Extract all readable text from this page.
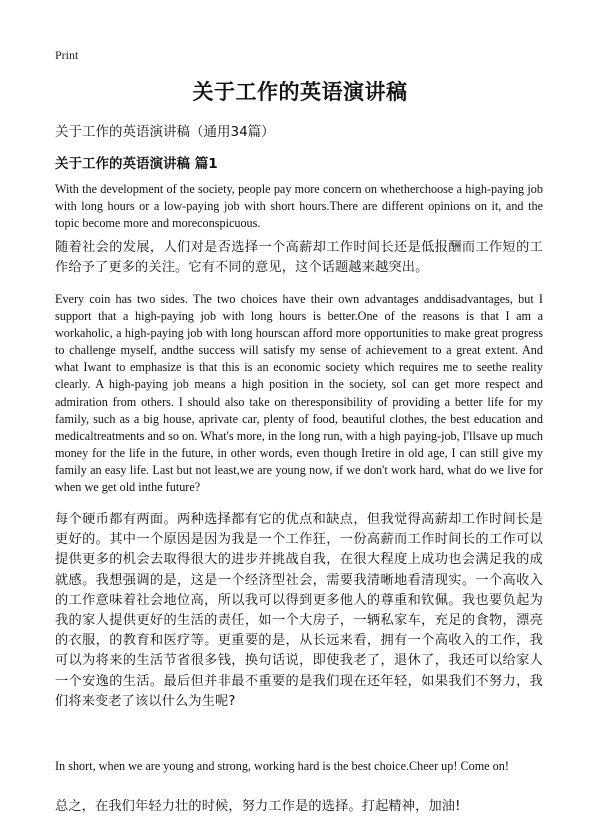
Print
关于工作的英语演讲稿
关于工作的英语演讲稿（通用34篇）
关于工作的英语演讲稿 篇1

With the development of the society, people pay more concern on whetherchoose a high-paying job with long hours or a low-paying job with short hours.There are different opinions on it, and the topic become more and moreconspicuous.

随着社会的发展，人们对是否选择一个高薪却工作时间长还是低报酬而工作短的工作给予了更多的关注。它有不同的意见，这个话题越来越突出。

Every coin has two sides. The two choices have their own advantages anddisadvantages, but I support that a high-paying job with long hours is better.One of the reasons is that I am a workaholic, a high-paying job with long hourscan afford more opportunities to make great progress to challenge myself, andthe success will satisfy my sense of achievement to a great extent. And what Iwant to emphasize is that this is an economic society which requires me to seethe reality clearly. A high-paying job means a high position in the society, soI can get more respect and admiration from others. I should also take on theresponsibility of providing a better life for my family, such as a big house, aprivate car, plenty of food, beautiful clothes, the best education and medicaltreatments and so on. What's more, in the long run, with a high paying-job, I'llsave up much money for the life in the future, in other words, even though Iretire in old age, I can still give my family an easy life. Last but not least,we are young now, if we don't work hard, what do we live for when we get old inthe future?

每个硬币都有两面。两种选择都有它的优点和缺点，但我觉得高薪却工作时间长是更好的。其中一个原因是因为我是一个工作狂，一份高薪而工作时间长的工作可以提供更多的机会去取得很大的进步并挑战自我，在很大程度上成功也会满足我的成就感。我想强调的是，这是一个经济型社会，需要我清晰地看清现实。一个高收入的工作意味着社会地位高，所以我可以得到更多他人的尊重和钦佩。我也要负起为我的家人提供更好的生活的责任，如一个大房子，一辆私家车，充足的食物，漂亮的衣服，的教育和医疗等。更重要的是，从长远来看，拥有一个高收入的工作，我可以为将来的生活节省很多钱，换句话说，即使我老了，退休了，我还可以给家人一个安逸的生活。最后但并非最不重要的是我们现在还年轻，如果我们不努力，我们将来变老了该以什么为生呢?

In short, when we are young and strong, working hard is the best choice.Cheer up! Come on!

总之，在我们年轻力壮的时候，努力工作是的选择。打起精神，加油!
